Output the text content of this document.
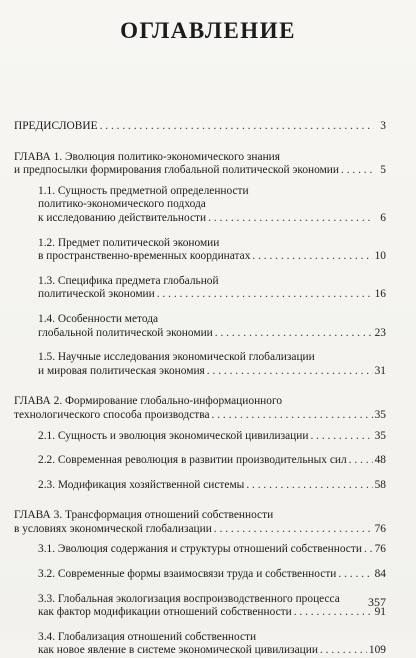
ОГЛАВЛЕНИЕ
ПРЕДИСЛОВИЕ . . .	3
ГЛАВА 1. Эволюция политико-экономического знания
и предпосылки формирования глобальной политической экономии . . .	5
1.1. Сущность предметной определенности
политико-экономического подхода
к исследованию действительности . . .	6
1.2. Предмет политической экономии
в пространственно-временных координатах . . .	10
1.3. Специфика предмета глобальной
политической экономии . . .	16
1.4. Особенности метода
глобальной политической экономии . . .	23
1.5. Научные исследования экономической глобализации
и мировая политическая экономия . . .	31
ГЛАВА 2. Формирование глобально-информационного
технологического способа производства . . .	35
2.1. Сущность и эволюция экономической цивилизации . . .	35
2.2. Современная революция в развитии производительных сил . . . 48
2.3. Модификация хозяйственной системы . . .	58
ГЛАВА 3. Трансформация отношений собственности
в условиях экономической глобализации . . .	76
3.1. Эволюция содержания и структуры отношений собственности . . . 76
3.2. Современные формы взаимосвязи труда и собственности . . .	84
3.3. Глобальная экологизация воспроизводственного процесса
как фактор модификации отношений собственности . . .	91
3.4. Глобализация отношений собственности
как новое явление в системе экономической цивилизации . . .	109
357
